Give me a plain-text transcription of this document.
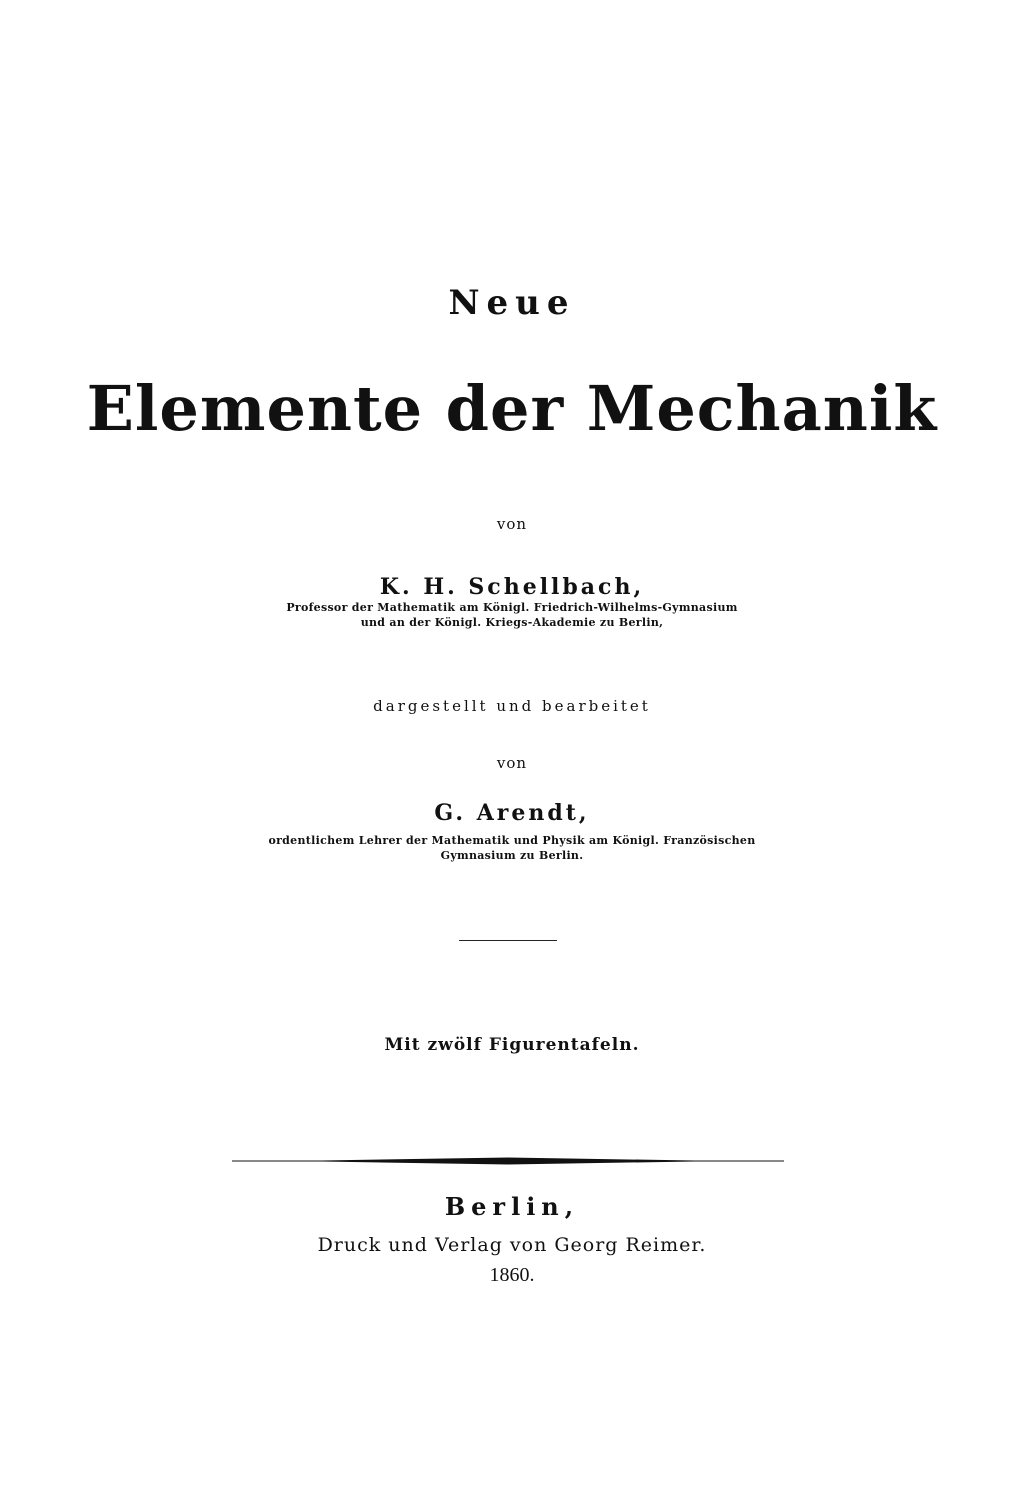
Neue
Elemente der Mechanik
von
K. H. Schellbach,
Professor der Mathematik am Königl. Friedrich-Wilhelms-Gymnasium
und an der Königl. Kriegs-Akademie zu Berlin,
dargestellt und bearbeitet
von
G. Arendt,
ordentlichem Lehrer der Mathematik und Physik am Königl. Französischen
Gymnasium zu Berlin.
Mit zwölf Figurentafeln.
Berlin,
Druck und Verlag von Georg Reimer.
1860.
